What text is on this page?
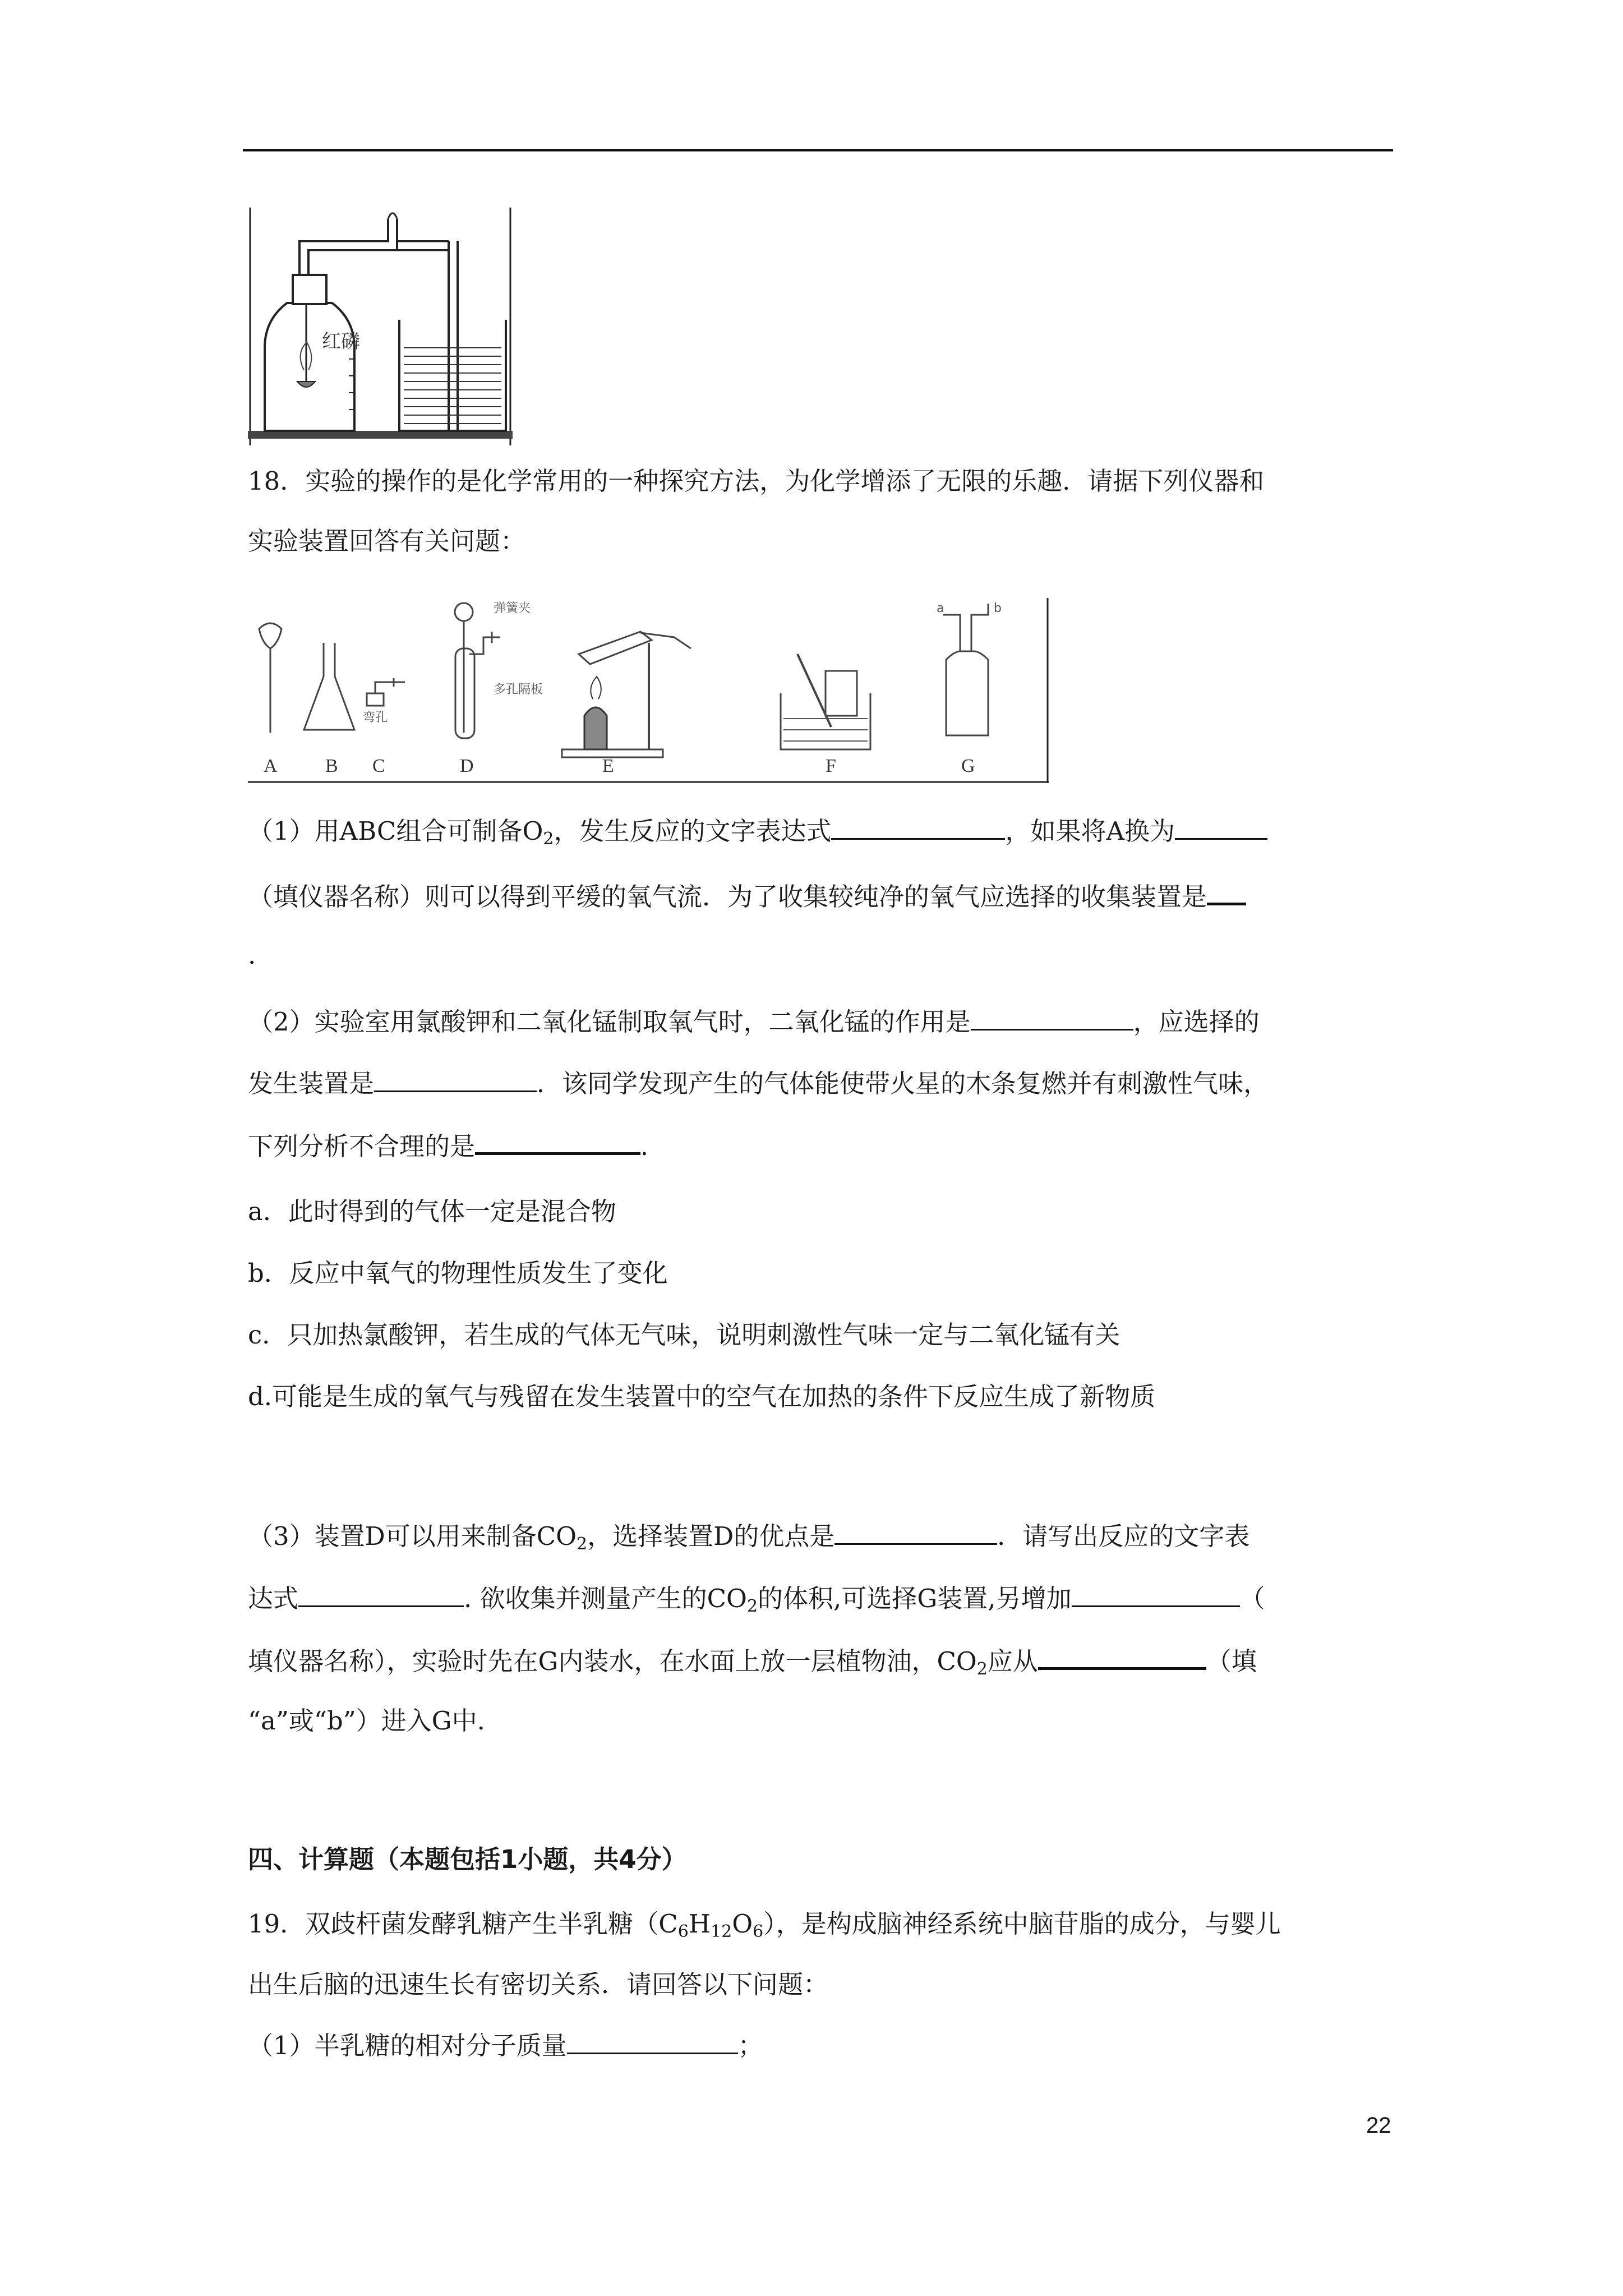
红磷
18．实验的操作的是化学常用的一种探究方法，为化学增添了无限的乐趣．请据下列仪器和
实验装置回答有关问题：
弯孔
弹簧夹
多孔隔板
a	b
A	B C	D	E	F	G
（1）用ABC组合可制备$O_2$，发生反应的文字表达式	，如果将A换为
（填仪器名称）则可以得到平缓的氧气流．为了收集较纯净的氧气应选择的收集装置是
.
（2）实验室用氯酸钾和二氧化锰制取氧气时，二氧化锰的作用是	，应选择的
发生装置是	．该同学发现产生的气体能使带火星的木条复燃并有刺激性气味，
下列分析不合理的是	．
a．此时得到的气体一定是混合物
b．反应中氧气的物理性质发生了变化
c．只加热氯酸钾，若生成的气体无气味，说明刺激性气味一定与二氧化锰有关
d.可能是生成的氧气与残留在发生装置中的空气在加热的条件下反应生成了新物质
（3）装置D可以用来制备$CO_2$，选择装置D的优点是	．请写出反应的文字表
达式	. 欲收集并测量产生的$CO_2$的体积,可选择G装置,另增加	（
填仪器名称），实验时先在G内装水，在水面上放一层植物油，$CO_2$应从	（填
“a”或“b”）进入G中.
四、计算题（本题包括1小题，共4分）
19．双歧杆菌发酵乳糖产生半乳糖$(C_6H_{12}O_6)$，是构成脑神经系统中脑苷脂的成分，与婴儿
出生后脑的迅速生长有密切关系．请回答以下问题：
（1）半乳糖的相对分子质量	；
22
